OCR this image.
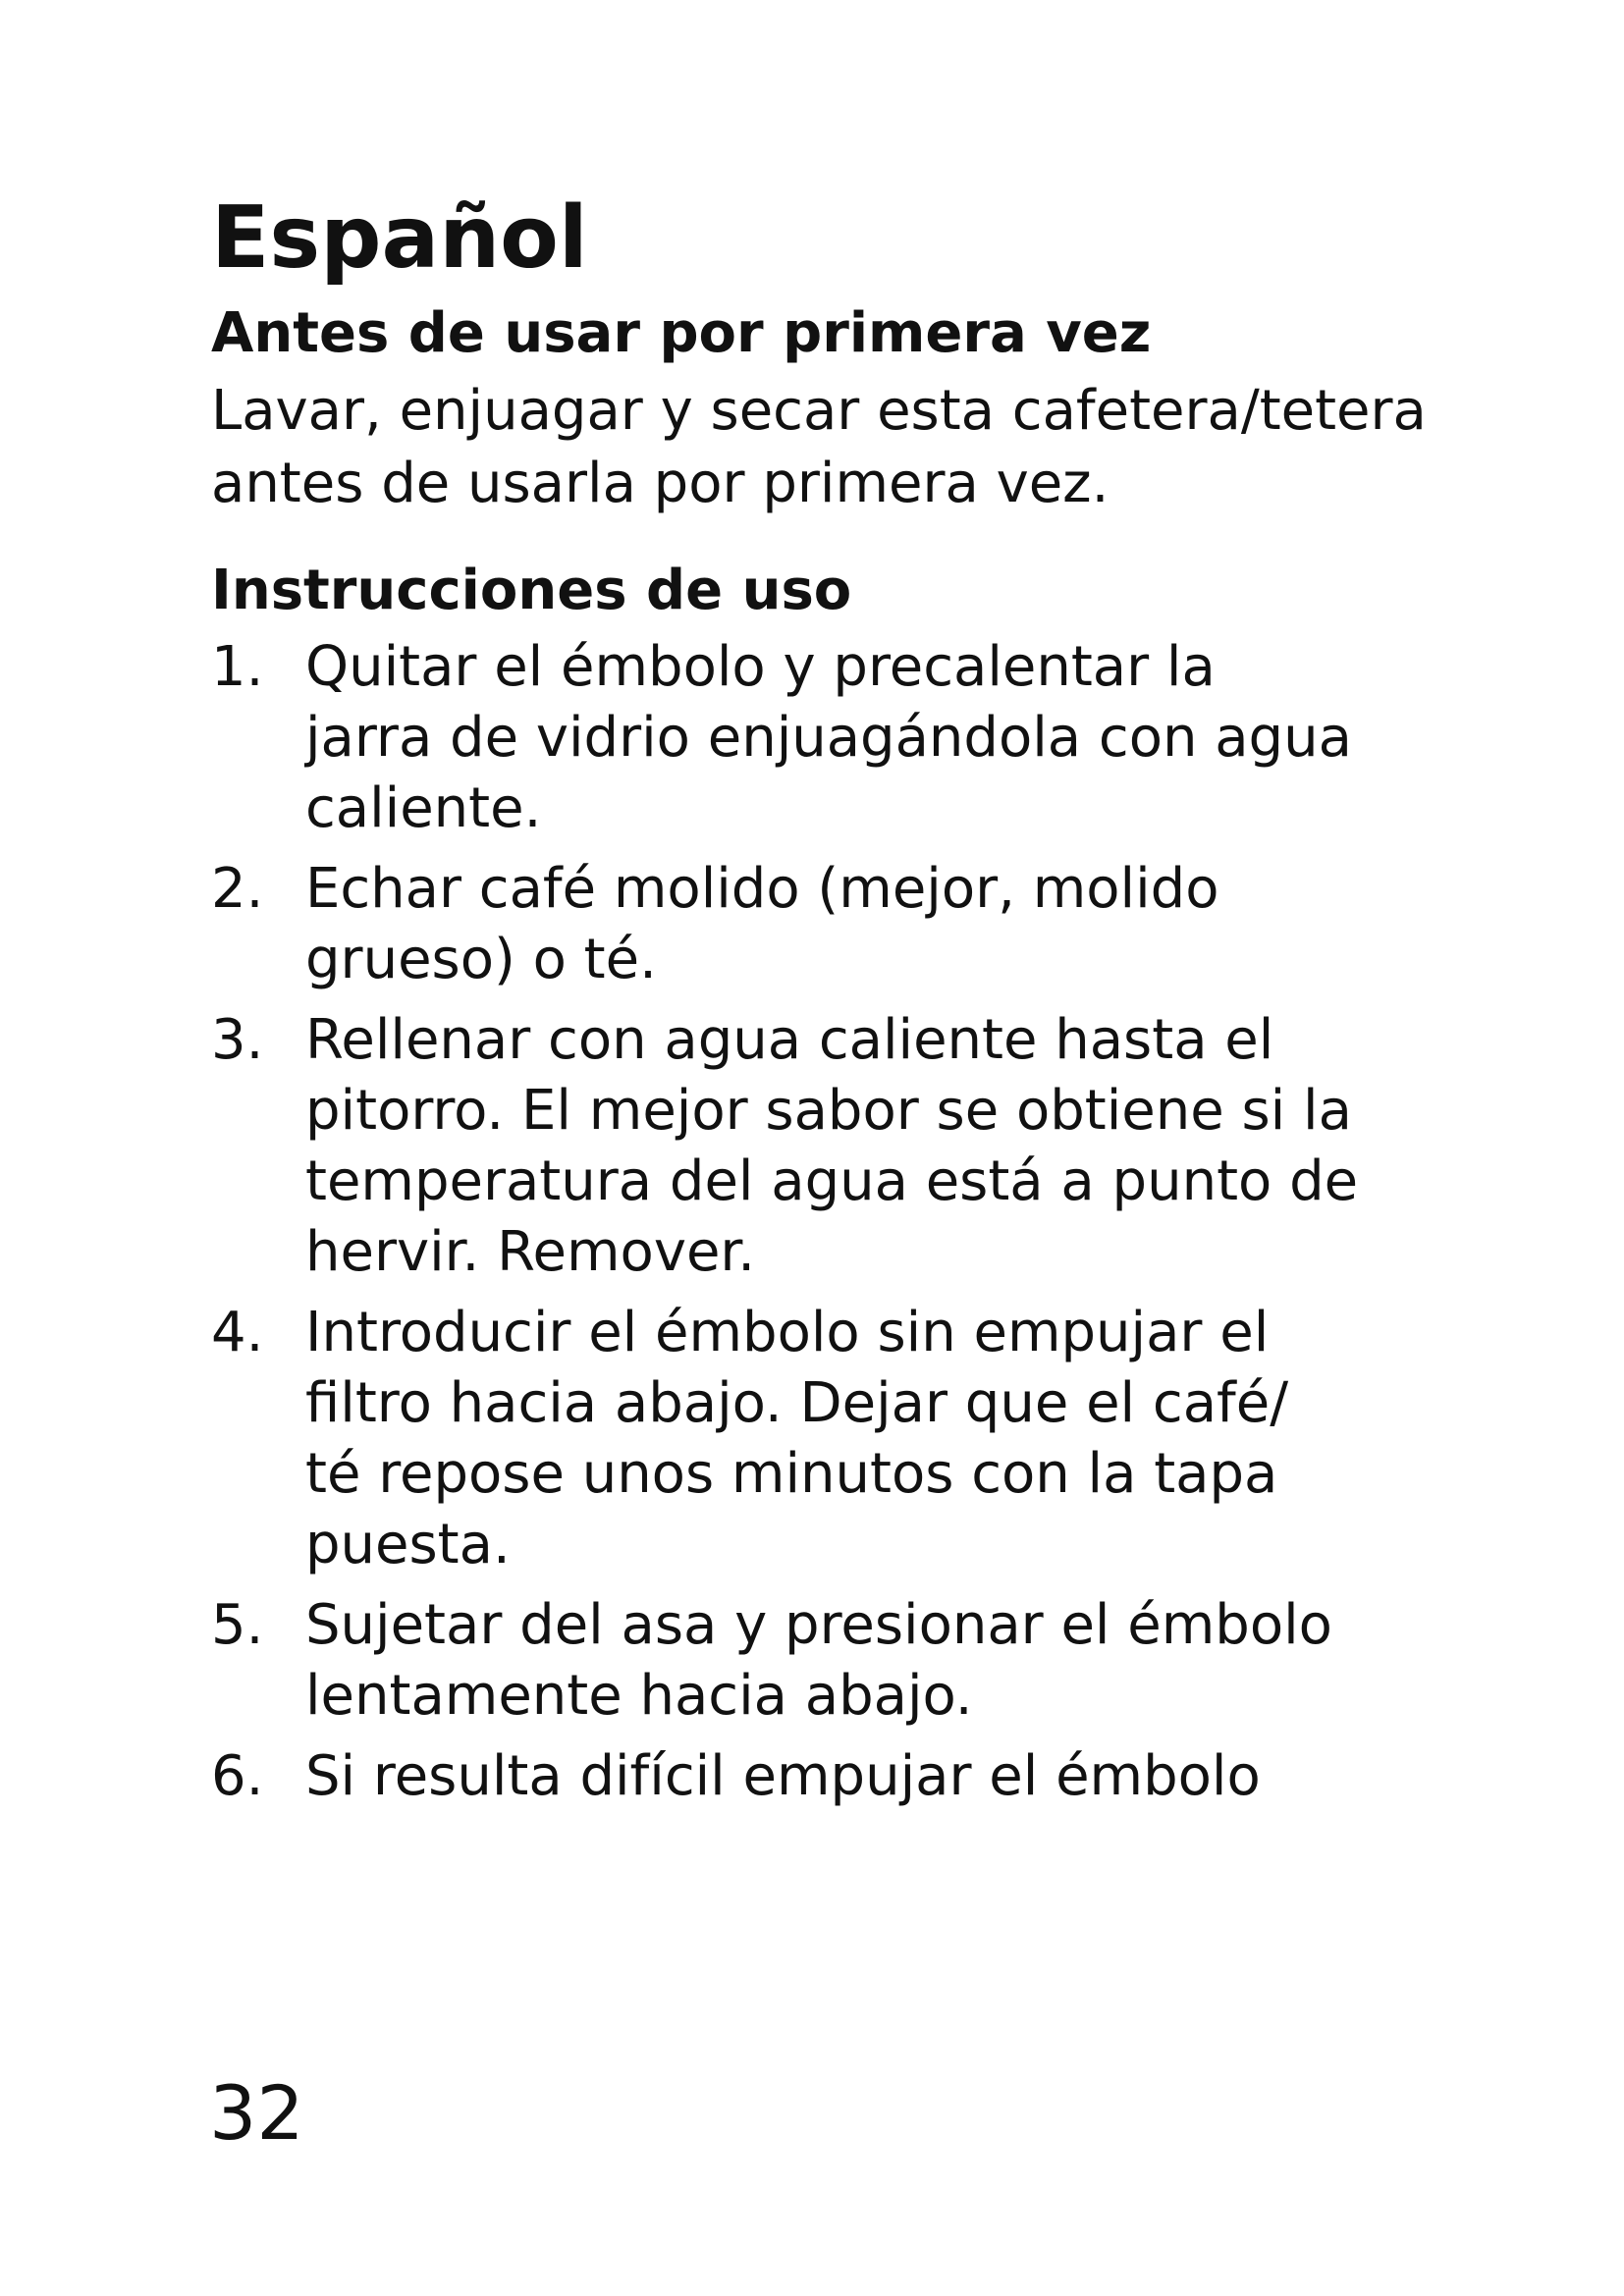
Español
Antes de usar por primera vez

Lavar, enjuagar y secar esta cafetera/tetera
antes de usarla por primera vez.

Instrucciones de uso
1. Quitar el émbolo y precalentar la
jarra de vidrio enjuagándola con agua
caliente.
2. Echar café molido (mejor, molido
grueso) o té.
3. Rellenar con agua caliente hasta el
pitorro. El mejor sabor se obtiene si la
temperatura del agua está a punto de
hervir. Remover.
4. Introducir el émbolo sin empujar el
filtro hacia abajo. Dejar que el café/
té repose unos minutos con la tapa
puesta.
5. Sujetar del asa y presionar el émbolo
lentamente hacia abajo.
6. Si resulta difícil empujar el émbolo

32
